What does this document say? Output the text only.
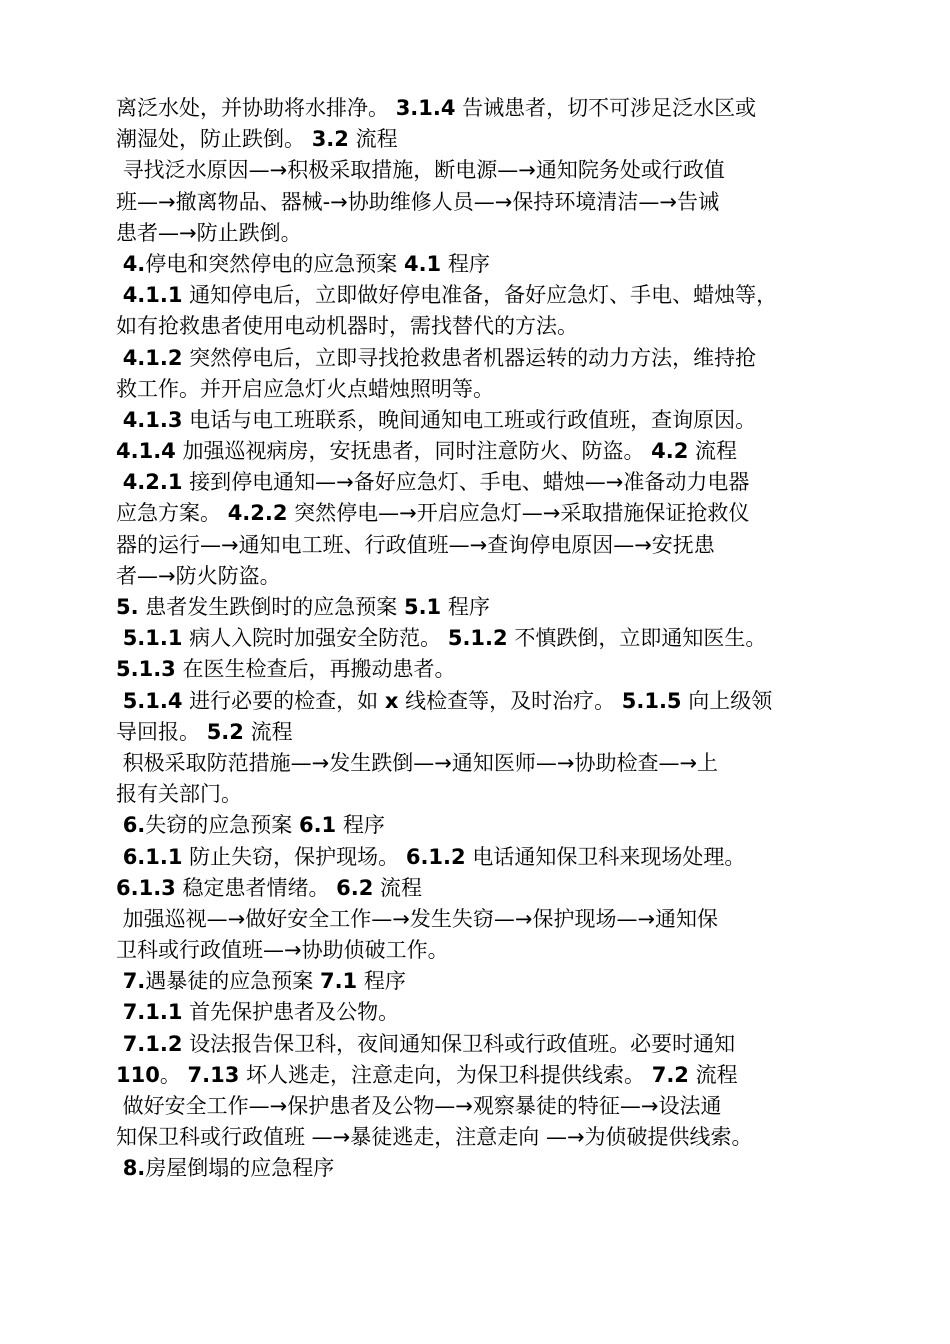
离泛水处，并协助将水排净。 3.1.4 告诫患者，切不可涉足泛水区或
潮湿处，防止跌倒。 3.2 流程
寻找泛水原因—→积极采取措施，断电源—→通知院务处或行政值
班—→撤离物品、器械-→协助维修人员—→保持环境清洁—→告诫
患者—→防止跌倒。
4.停电和突然停电的应急预案 4.1 程序
4.1.1 通知停电后，立即做好停电准备，备好应急灯、手电、蜡烛等，
如有抢救患者使用电动机器时，需找替代的方法。
4.1.2 突然停电后，立即寻找抢救患者机器运转的动力方法，维持抢
救工作。并开启应急灯火点蜡烛照明等。
4.1.3 电话与电工班联系，晚间通知电工班或行政值班，查询原因。
4.1.4 加强巡视病房，安抚患者，同时注意防火、防盗。 4.2 流程
4.2.1 接到停电通知—→备好应急灯、手电、蜡烛—→准备动力电器
应急方案。 4.2.2 突然停电—→开启应急灯—→采取措施保证抢救仪
器的运行—→通知电工班、行政值班—→查询停电原因—→安抚患
者—→防火防盗。
5. 患者发生跌倒时的应急预案 5.1 程序
5.1.1 病人入院时加强安全防范。 5.1.2 不慎跌倒，立即通知医生。
5.1.3 在医生检查后，再搬动患者。
5.1.4 进行必要的检查，如 x 线检查等，及时治疗。 5.1.5 向上级领
导回报。 5.2 流程
积极采取防范措施—→发生跌倒—→通知医师—→协助检查—→上
报有关部门。
6.失窃的应急预案 6.1 程序
6.1.1 防止失窃，保护现场。 6.1.2 电话通知保卫科来现场处理。
6.1.3 稳定患者情绪。 6.2 流程
加强巡视—→做好安全工作—→发生失窃—→保护现场—→通知保
卫科或行政值班—→协助侦破工作。
7.遇暴徒的应急预案 7.1 程序
7.1.1 首先保护患者及公物。
7.1.2 设法报告保卫科，夜间通知保卫科或行政值班。必要时通知
110。 7.13 坏人逃走，注意走向，为保卫科提供线索。 7.2 流程
做好安全工作—→保护患者及公物—→观察暴徒的特征—→设法通
知保卫科或行政值班 —→暴徒逃走，注意走向 —→为侦破提供线索。
8.房屋倒塌的应急程序
